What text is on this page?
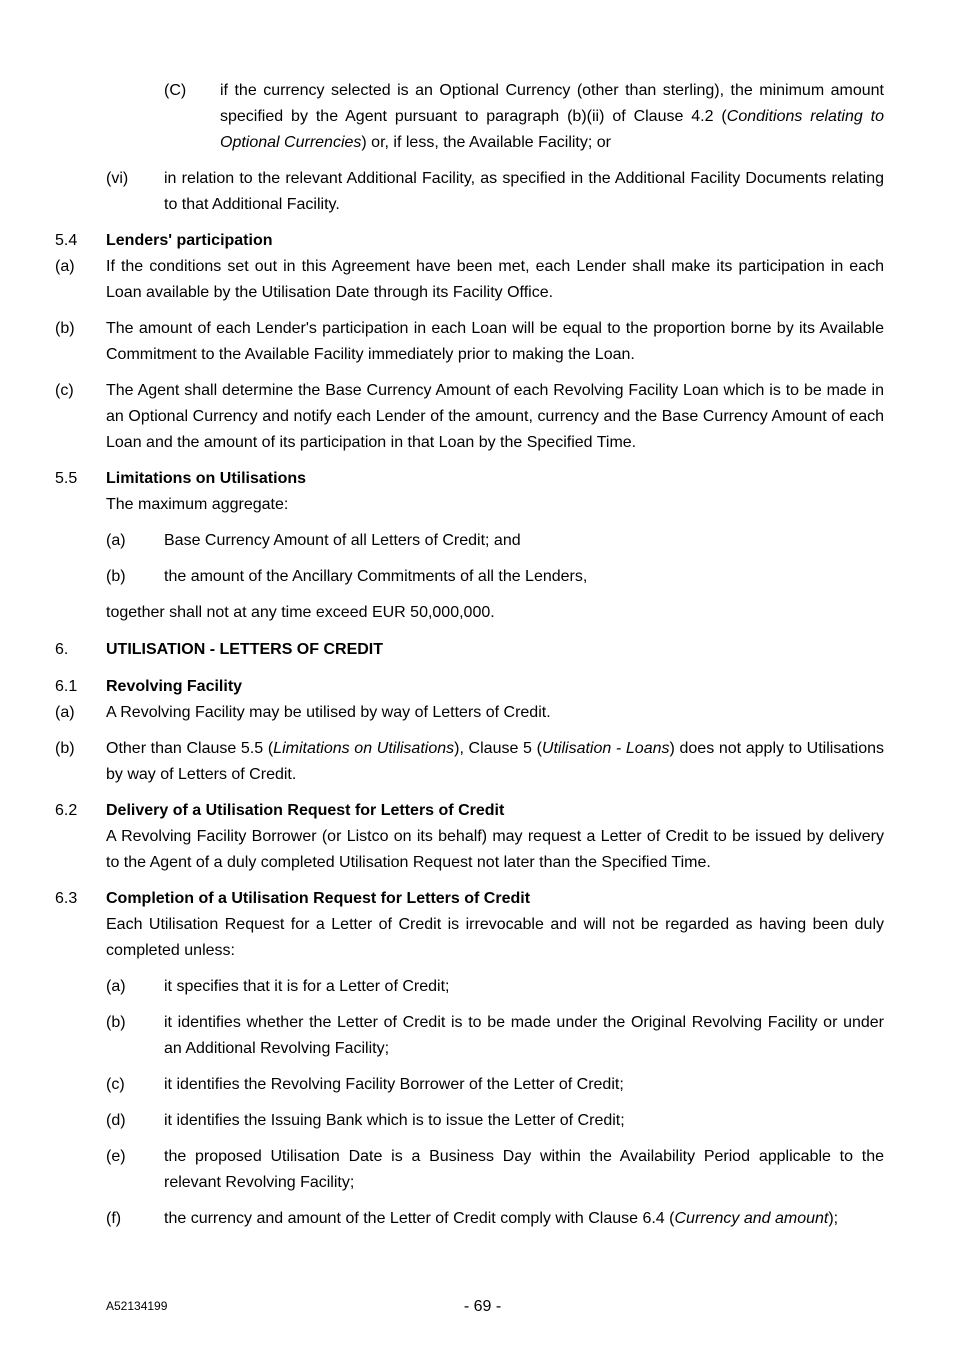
(C) if the currency selected is an Optional Currency (other than sterling), the minimum amount specified by the Agent pursuant to paragraph (b)(ii) of Clause 4.2 (Conditions relating to Optional Currencies) or, if less, the Available Facility; or
(vi) in relation to the relevant Additional Facility, as specified in the Additional Facility Documents relating to that Additional Facility.
5.4 Lenders' participation
(a) If the conditions set out in this Agreement have been met, each Lender shall make its participation in each Loan available by the Utilisation Date through its Facility Office.
(b) The amount of each Lender's participation in each Loan will be equal to the proportion borne by its Available Commitment to the Available Facility immediately prior to making the Loan.
(c) The Agent shall determine the Base Currency Amount of each Revolving Facility Loan which is to be made in an Optional Currency and notify each Lender of the amount, currency and the Base Currency Amount of each Loan and the amount of its participation in that Loan by the Specified Time.
5.5 Limitations on Utilisations
The maximum aggregate:
(a) Base Currency Amount of all Letters of Credit; and
(b) the amount of the Ancillary Commitments of all the Lenders,
together shall not at any time exceed EUR 50,000,000.
6. UTILISATION - LETTERS OF CREDIT
6.1 Revolving Facility
(a) A Revolving Facility may be utilised by way of Letters of Credit.
(b) Other than Clause 5.5 (Limitations on Utilisations), Clause 5 (Utilisation - Loans) does not apply to Utilisations by way of Letters of Credit.
6.2 Delivery of a Utilisation Request for Letters of Credit
A Revolving Facility Borrower (or Listco on its behalf) may request a Letter of Credit to be issued by delivery to the Agent of a duly completed Utilisation Request not later than the Specified Time.
6.3 Completion of a Utilisation Request for Letters of Credit
Each Utilisation Request for a Letter of Credit is irrevocable and will not be regarded as having been duly completed unless:
(a) it specifies that it is for a Letter of Credit;
(b) it identifies whether the Letter of Credit is to be made under the Original Revolving Facility or under an Additional Revolving Facility;
(c) it identifies the Revolving Facility Borrower of the Letter of Credit;
(d) it identifies the Issuing Bank which is to issue the Letter of Credit;
(e) the proposed Utilisation Date is a Business Day within the Availability Period applicable to the relevant Revolving Facility;
(f)	the currency and amount of the Letter of Credit comply with Clause 6.4 (Currency and amount);
A52134199	- 69 -
